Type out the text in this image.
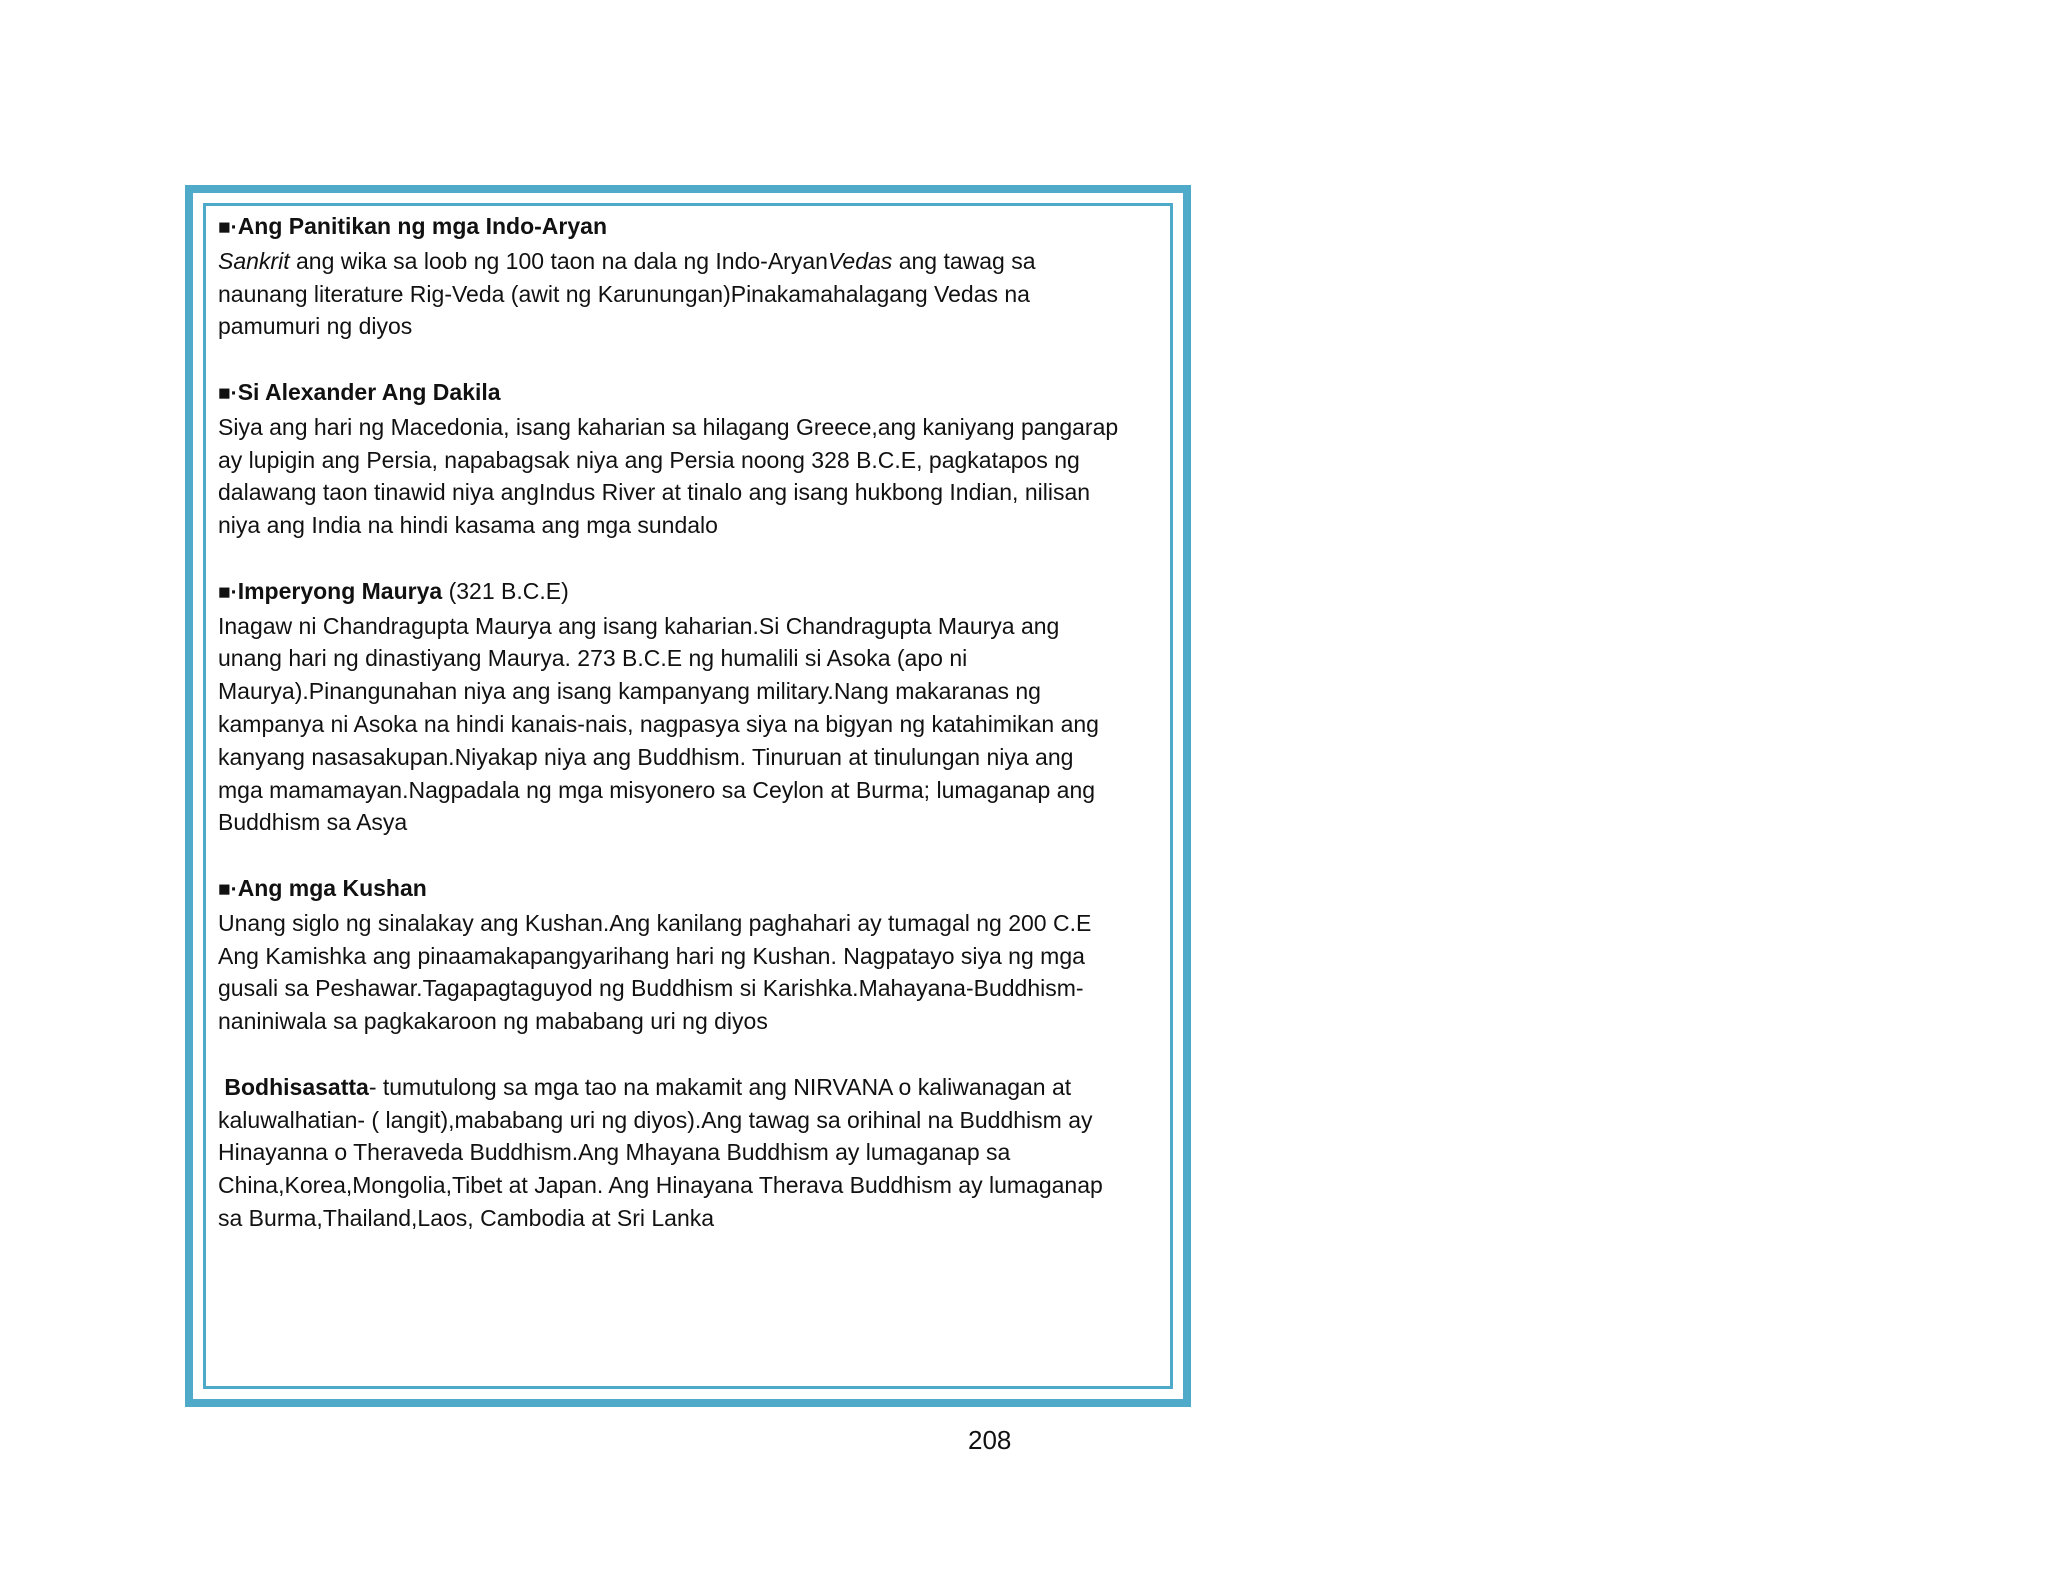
■·Ang Panitikan ng mga Indo-Aryan
Sankrit ang wika sa loob ng 100 taon na dala ng Indo-AryanVedas ang tawag sa
naunang literature Rig-Veda (awit ng Karunungan)Pinakamahalagang Vedas na
pamumuri ng diyos
■·Si Alexander Ang Dakila
Siya ang hari ng Macedonia, isang kaharian sa hilagang Greece,ang kaniyang pangarap
ay lupigin ang Persia, napabagsak niya ang Persia noong 328 B.C.E, pagkatapos ng
dalawang taon tinawid niya angIndus River at tinalo ang isang hukbong Indian, nilisan
niya ang India na hindi kasama ang mga sundalo
■·Imperyong Maurya (321 B.C.E)
Inagaw ni Chandragupta Maurya ang isang kaharian.Si Chandragupta Maurya ang
unang hari ng dinastiyang Maurya. 273 B.C.E ng humalili si Asoka (apo ni
Maurya).Pinangunahan niya ang isang kampanyang military.Nang makaranas ng
kampanya ni Asoka na hindi kanais-nais, nagpasya siya na bigyan ng katahimikan ang
kanyang nasasakupan.Niyakap niya ang Buddhism. Tinuruan at tinulungan niya ang
mga mamamayan.Nagpadala ng mga misyonero sa Ceylon at Burma; lumaganap ang
Buddhism sa Asya
■·Ang mga Kushan
Unang siglo ng sinalakay ang Kushan.Ang kanilang paghahari ay tumagal ng 200 C.E
Ang Kamishka ang pinaamakapangyarihang hari ng Kushan. Nagpatayo siya ng mga
gusali sa Peshawar.Tagapagtaguyod ng Buddhism si Karishka.Mahayana-Buddhism-
naniniwala sa pagkakaroon ng mababang uri ng diyos
Bodhisasatta- tumutulong sa mga tao na makamit ang NIRVANA o kaliwanagan at
kaluwalhatian- ( langit),mababang uri ng diyos).Ang tawag sa orihinal na Buddhism ay
Hinayanna o Theraveda Buddhism.Ang Mhayana Buddhism ay lumaganap sa
China,Korea,Mongolia,Tibet at Japan. Ang Hinayana Therava Buddhism ay lumaganap
sa Burma,Thailand,Laos, Cambodia at Sri Lanka
208
